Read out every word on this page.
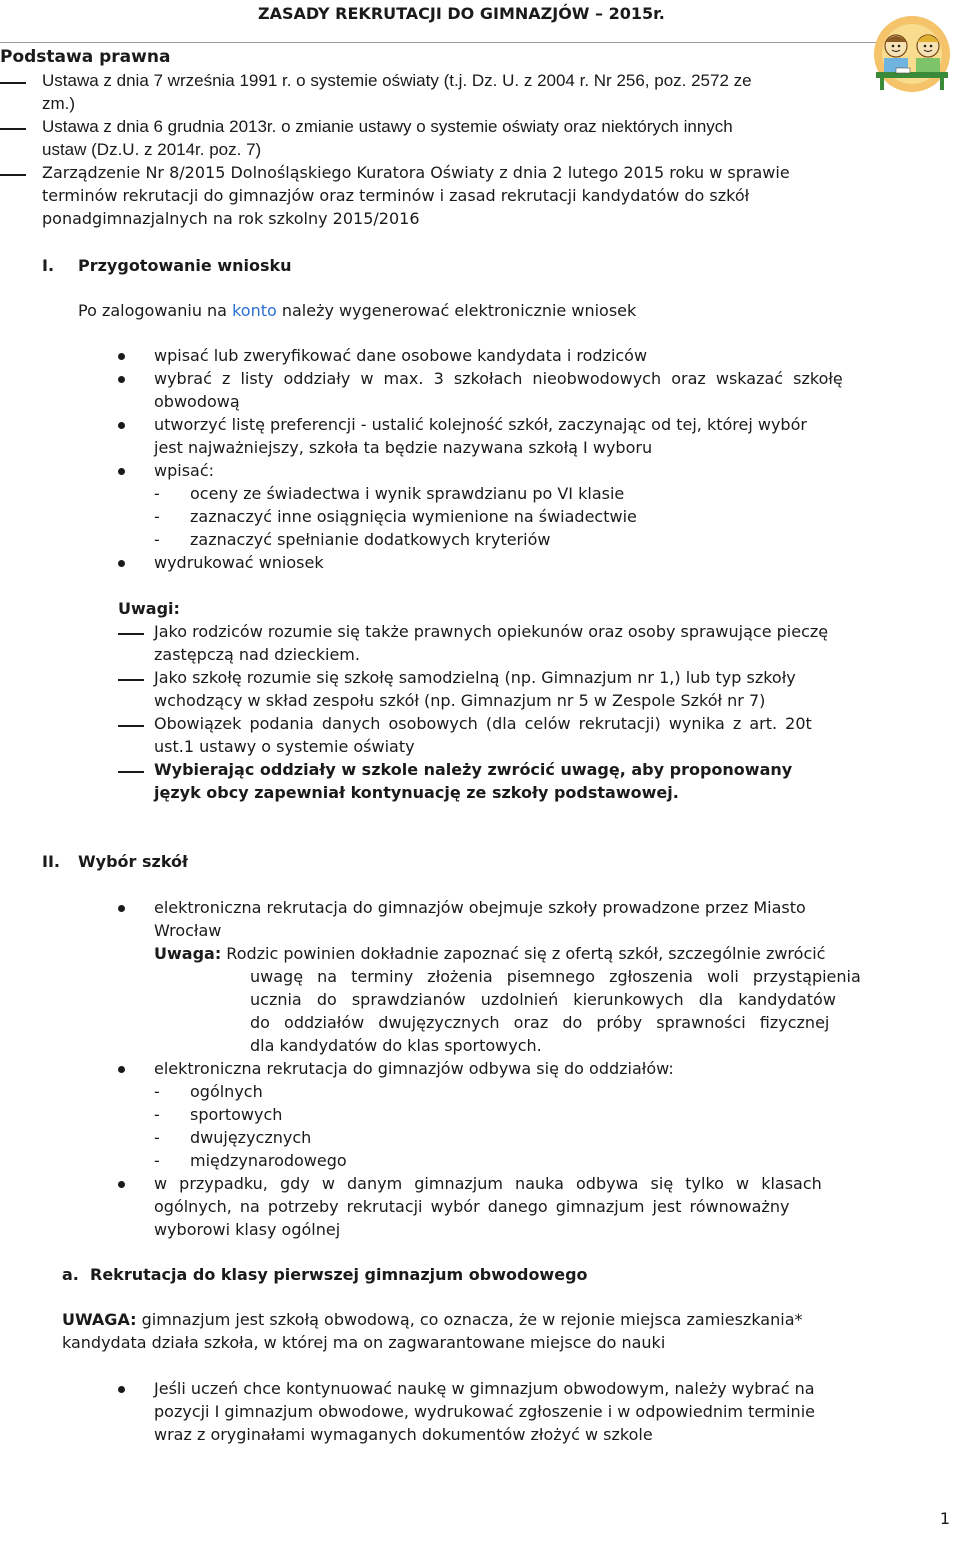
ZASADY REKRUTACJI DO GIMNAZJÓW – 2015r.
Podstawa prawna
Ustawa z dnia 7 września 1991 r. o systemie oświaty (t.j. Dz. U. z 2004 r. Nr 256, poz. 2572 ze
zm.)
Ustawa z dnia 6 grudnia 2013r. o zmianie ustawy o systemie oświaty oraz niektórych innych
ustaw (Dz.U. z 2014r. poz. 7)
Zarządzenie Nr 8/2015 Dolnośląskiego Kuratora Oświaty z dnia 2 lutego 2015 roku w sprawie
terminów rekrutacji do gimnazjów oraz terminów i zasad rekrutacji kandydatów do szkół
ponadgimnazjalnych na rok szkolny 2015/2016
I. Przygotowanie wniosku
Po zalogowaniu na konto należy wygenerować elektronicznie wniosek
wpisać lub zweryfikować dane osobowe kandydata i rodziców
wybrać z listy oddziały w max. 3 szkołach nieobwodowych oraz wskazać szkołę
obwodową
utworzyć listę preferencji - ustalić kolejność szkół, zaczynając od tej, której wybór
jest najważniejszy, szkoła ta będzie nazywana szkołą I wyboru
wpisać:
- oceny ze świadectwa i wynik sprawdzianu po VI klasie
- zaznaczyć inne osiągnięcia wymienione na świadectwie
- zaznaczyć spełnianie dodatkowych kryteriów
wydrukować wniosek
Uwagi:
Jako rodziców rozumie się także prawnych opiekunów oraz osoby sprawujące pieczę
zastępczą nad dzieckiem.
Jako szkołę rozumie się szkołę samodzielną (np. Gimnazjum nr 1,) lub typ szkoły
wchodzący w skład zespołu szkół (np. Gimnazjum nr 5 w Zespole Szkół nr 7)
Obowiązek podania danych osobowych (dla celów rekrutacji) wynika z art. 20t
ust.1 ustawy o systemie oświaty
Wybierając oddziały w szkole należy zwrócić uwagę, aby proponowany
język obcy zapewniał kontynuację ze szkoły podstawowej.
II. Wybór szkół
elektroniczna rekrutacja do gimnazjów obejmuje szkoły prowadzone przez Miasto
Wrocław
Uwaga: Rodzic powinien dokładnie zapoznać się z ofertą szkół, szczególnie zwrócić
uwagę na terminy złożenia pisemnego zgłoszenia woli przystąpienia
ucznia do sprawdzianów uzdolnień kierunkowych dla kandydatów
do oddziałów dwujęzycznych oraz do próby sprawności fizycznej
dla kandydatów do klas sportowych.
elektroniczna rekrutacja do gimnazjów odbywa się do oddziałów:
- ogólnych
- sportowych
- dwujęzycznych
- międzynarodowego
w przypadku, gdy w danym gimnazjum nauka odbywa się tylko w klasach
ogólnych, na potrzeby rekrutacji wybór danego gimnazjum jest równoważny
wyborowi klasy ogólnej
a. Rekrutacja do klasy pierwszej gimnazjum obwodowego
UWAGA: gimnazjum jest szkołą obwodową, co oznacza, że w rejonie miejsca zamieszkania*
kandydata działa szkoła, w której ma on zagwarantowane miejsce do nauki
Jeśli uczeń chce kontynuować naukę w gimnazjum obwodowym, należy wybrać na
pozycji I gimnazjum obwodowe, wydrukować zgłoszenie i w odpowiednim terminie
wraz z oryginałami wymaganych dokumentów złożyć w szkole
1
